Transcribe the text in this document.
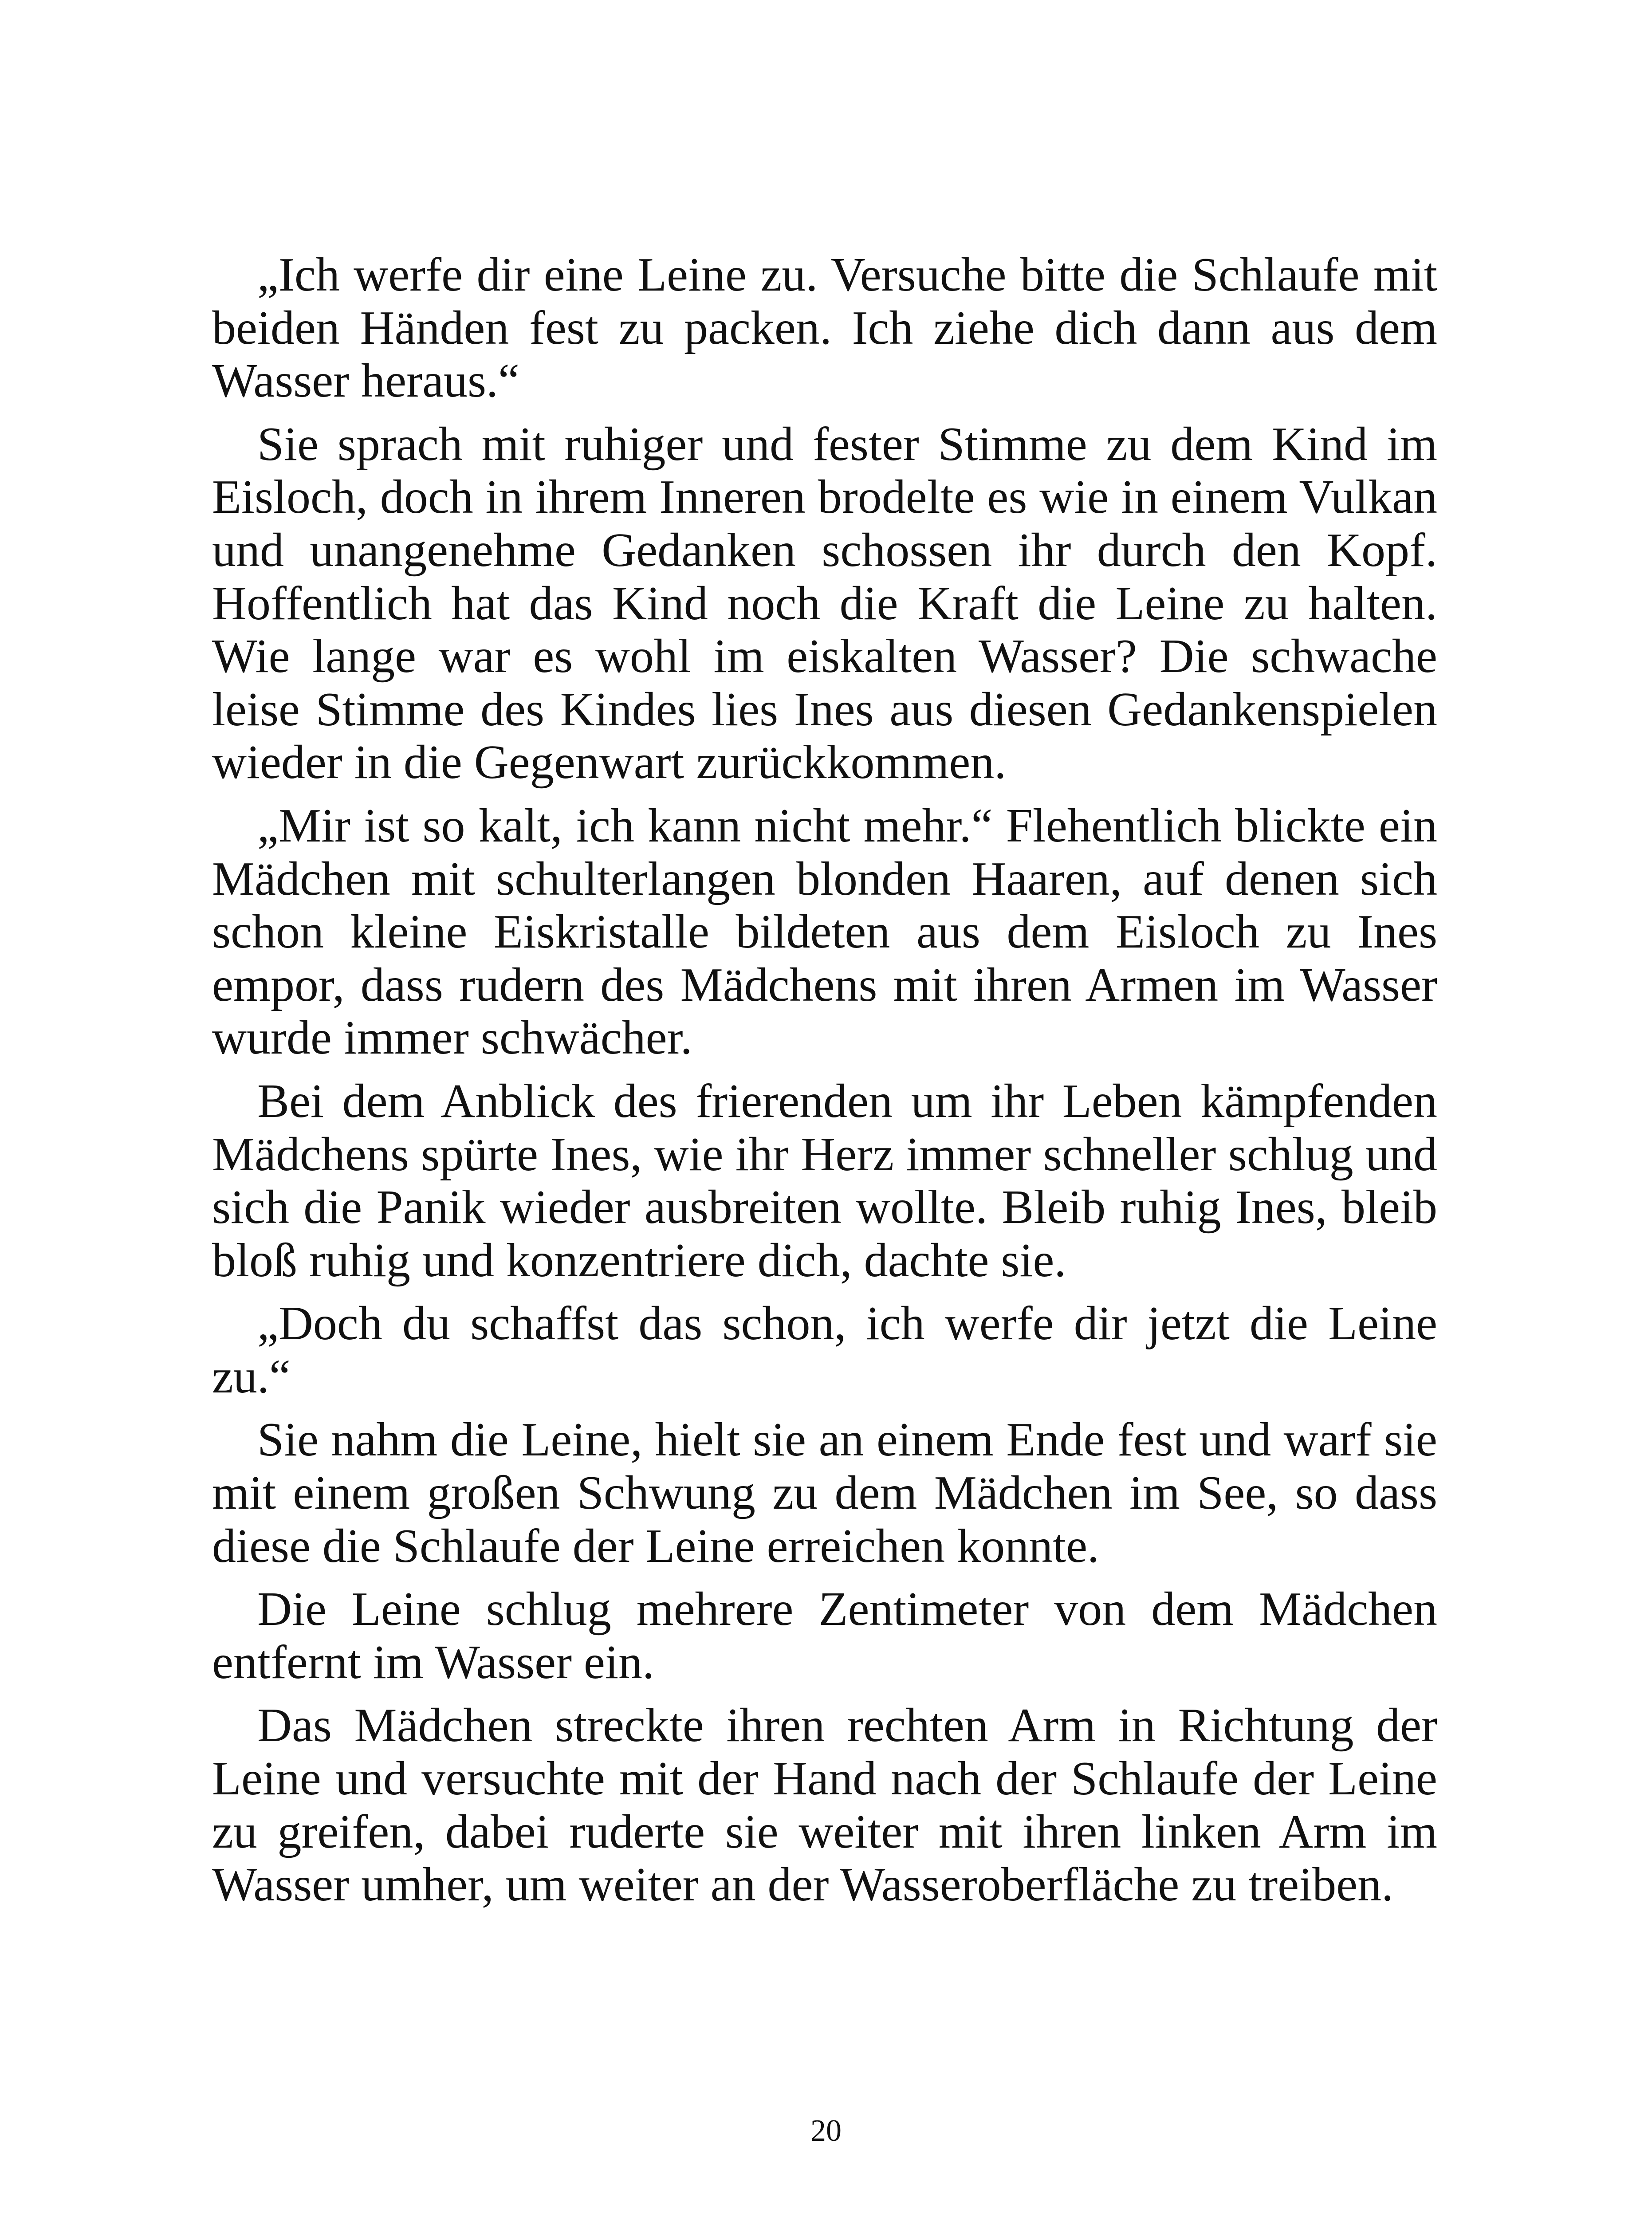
„Ich werfe dir eine Leine zu. Versuche bitte die Schlaufe mit beiden Händen fest zu packen. Ich ziehe dich dann aus dem Wasser heraus.“

Sie sprach mit ruhiger und fester Stimme zu dem Kind im Eisloch, doch in ihrem Inneren brodelte es wie in einem Vulkan und unangenehme Gedanken schossen ihr durch den Kopf. Hoffentlich hat das Kind noch die Kraft die Leine zu halten. Wie lange war es wohl im eiskalten Wasser? Die schwache leise Stimme des Kindes lies Ines aus diesen Gedankenspielen wieder in die Gegenwart zurückkommen.

„Mir ist so kalt, ich kann nicht mehr.“ Flehentlich blickte ein Mädchen mit schulterlangen blonden Haaren, auf denen sich schon kleine Eiskristalle bildeten aus dem Eisloch zu Ines empor, dass rudern des Mädchens mit ihren Armen im Wasser wurde immer schwächer.

Bei dem Anblick des frierenden um ihr Leben kämpfenden Mädchens spürte Ines, wie ihr Herz immer schneller schlug und sich die Panik wieder ausbreiten wollte. Bleib ruhig Ines, bleib bloß ruhig und konzentriere dich, dachte sie.

„Doch du schaffst das schon, ich werfe dir jetzt die Leine zu.“

Sie nahm die Leine, hielt sie an einem Ende fest und warf sie mit einem großen Schwung zu dem Mädchen im See, so dass diese die Schlaufe der Leine erreichen konnte.

Die Leine schlug mehrere Zentimeter von dem Mädchen entfernt im Wasser ein.

Das Mädchen streckte ihren rechten Arm in Richtung der Leine und versuchte mit der Hand nach der Schlaufe der Leine zu greifen, dabei ruderte sie weiter mit ihren linken Arm im Wasser umher, um weiter an der Wasseroberfläche zu treiben.

20
